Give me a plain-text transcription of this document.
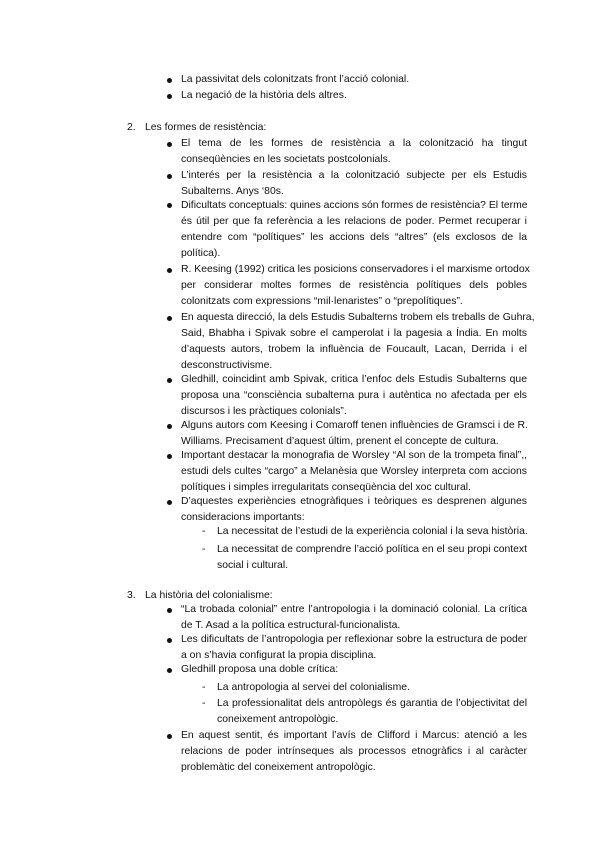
La passivitat dels colonitzats front l’acció colonial.
La negació de la història dels altres.
2. Les formes de resistència:
El tema de les formes de resistència a la colonització ha tingut
conseqüències en les societats postcolonials.
L’interés per la resistència a la colonització subjecte per els Estudis
Subalterns. Anys ‘80s.
Dificultats conceptuals: quines accions són formes de resistència? El terme
és útil per que fa referència a les relacions de poder. Permet recuperar i
entendre com “polítiques” les accions dels “altres” (els exclosos de la
política).
R. Keesing (1992) critica les posicions conservadores i el marxisme ortodox
per considerar moltes formes de resistència polítiques dels pobles
colonitzats com expressions “mil·lenaristes” o “prepolítiques”.
En aquesta direcció, la dels Estudis Subalterns trobem els treballs de Guhra,
Said, Bhabha i Spivak sobre el camperolat i la pagesia a Índia. En molts
d’aquests autors, trobem la influència de Foucault, Lacan, Derrida i el
desconstructivisme.
Gledhill, coincidint amb Spivak, critica l’enfoc dels Estudis Subalterns que
proposa una “consciència subalterna pura i autèntica no afectada per els
discursos i les pràctiques colonials”.
Alguns autors com Keesing i Comaroff tenen influències de Gramsci i de R.
Williams. Precisament d’aquest últim, prenent el concepte de cultura.
Important destacar la monografia de Worsley “Al son de la trompeta final”,,
estudi dels cultes “cargo” a Melanèsia que Worsley interpreta com accions
polítiques i simples irregularitats conseqüència del xoc cultural.
D’aquestes experiències etnogràfiques i teòriques es desprenen algunes
consideracions importants:
- La necessitat de l’estudi de la experiència colonial i la seva història.
- La necessitat de comprendre l’acció política en el seu propi context
social i cultural.
3. La història del colonialisme:
“La trobada colonial” entre l’antropologia i la dominació colonial. La crítica
de T. Asad a la política estructural-funcionalista.
Les dificultats de l’antropologia per reflexionar sobre la estructura de poder
a on s’havia configurat la propia disciplina.
Gledhill proposa una doble crítica:
- La antropologia al servei del colonialisme.
- La professionalitat dels antropòlegs és garantia de l’objectivitat del
coneixement antropològic.
En aquest sentit, és important l’avís de Clifford i Marcus: atenció a les
relacions de poder intrínseques als processos etnogràfics i al caràcter
problemàtic del coneixement antropològic.
